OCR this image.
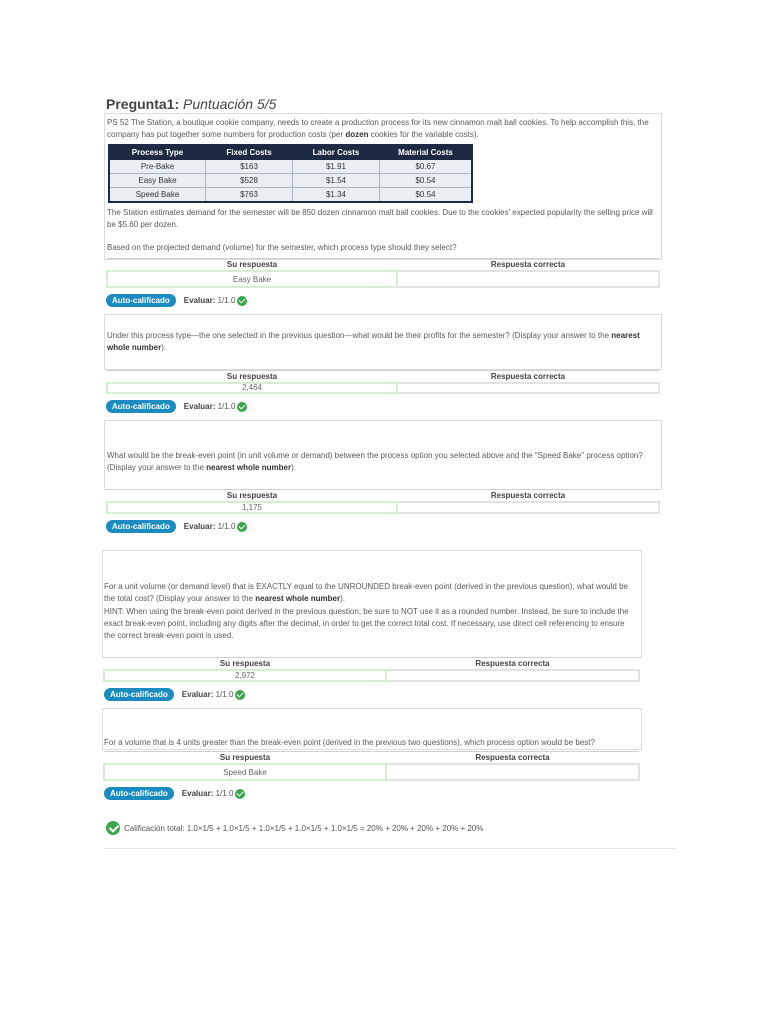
Pregunta1: Puntuación 5/5
PS 52 The Station, a boutique cookie company, needs to create a production process for its new cinnamon malt ball cookies. To help accomplish this, the company has put together some numbers for production costs (per dozen cookies for the variable costs).
Process Type	Fixed Costs	Labor Costs	Material Costs
Pre-Bake	$163	$1.91	$0.67
Easy Bake	$528	$1.54	$0.54
Speed Bake	$763	$1.34	$0.54
The Station estimates demand for the semester will be 850 dozen cinnamon malt ball cookies. Due to the cookies' expected popularity the selling price will be $5.60 per dozen.
Based on the projected demand (volume) for the semester, which process type should they select?
Su respuesta	Respuesta correcta
Easy Bake	
Auto-calificado	Evaluar: 1/1.0
Under this process type—the one selected in the previous question—what would be their profits for the semester? (Display your answer to the nearest whole number).
Su respuesta	Respuesta correcta
2,464	
Auto-calificado	Evaluar: 1/1.0
What would be the break-even point (in unit volume or demand) between the process option you selected above and the "Speed Bake" process option? (Display your answer to the nearest whole number).
Su respuesta	Respuesta correcta
1,175	
Auto-calificado	Evaluar: 1/1.0
For a unit volume (or demand level) that is EXACTLY equal to the UNROUNDED break-even point (derived in the previous question), what would be the total cost? (Display your answer to the nearest whole number).
HINT: When using the break-even point derived in the previous question, be sure to NOT use it as a rounded number. Instead, be sure to include the exact break-even point, including any digits after the decimal, in order to get the correct total cost. If necessary, use direct cell referencing to ensure the correct break-even point is used.
Su respuesta	Respuesta correcta
2,972	
Auto-calificado	Evaluar: 1/1.0
For a volume that is 4 units greater than the break-even point (derived in the previous two questions), which process option would be best?
Su respuesta	Respuesta correcta
Speed Bake	
Auto-calificado	Evaluar: 1/1.0
Calificación total: 1.0×1/5 + 1.0×1/5 + 1.0×1/5 + 1.0×1/5 + 1.0×1/5 = 20% + 20% + 20% + 20% + 20%
